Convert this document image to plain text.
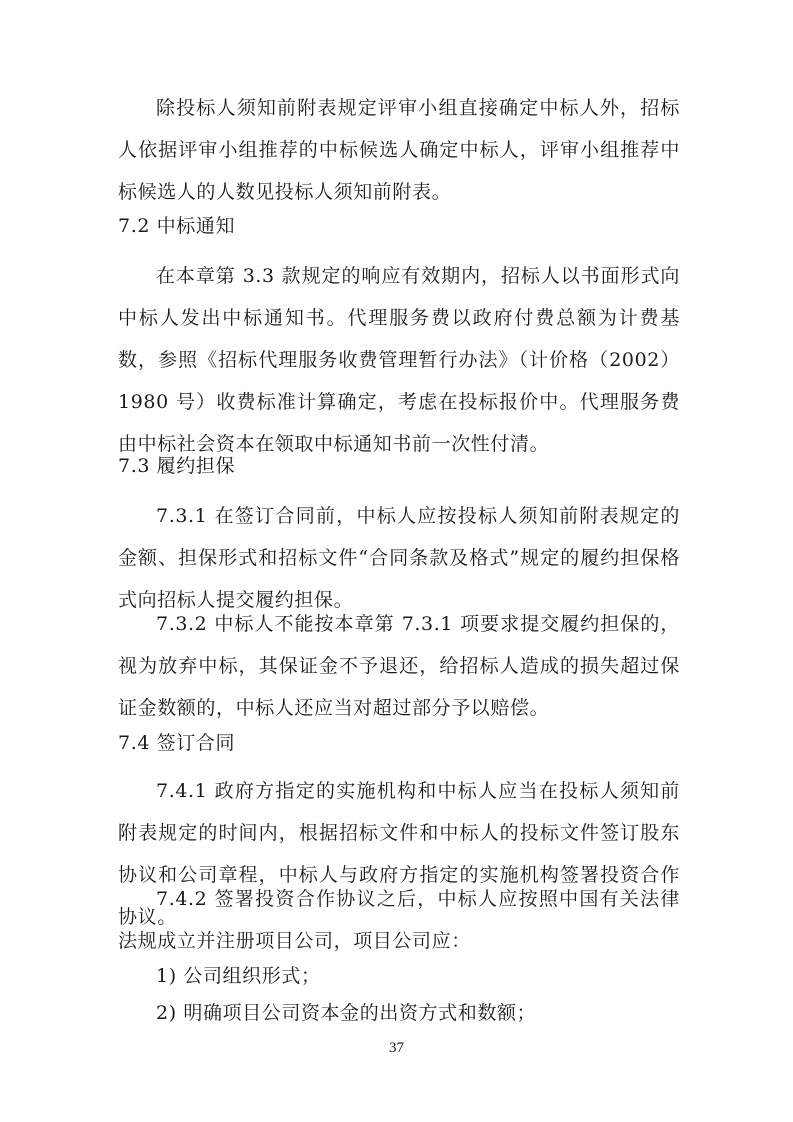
除投标人须知前附表规定评审小组直接确定中标人外，招标人依据评审小组推荐的中标候选人确定中标人，评审小组推荐中标候选人的人数见投标人须知前附表。

7.2 中标通知

在本章第 3.3 款规定的响应有效期内，招标人以书面形式向中标人发出中标通知书。代理服务费以政府付费总额为计费基数，参照《招标代理服务收费管理暂行办法》（计价格（2002）1980 号）收费标准计算确定，考虑在投标报价中。代理服务费由中标社会资本在领取中标通知书前一次性付清。

7.3 履约担保

7.3.1 在签订合同前，中标人应按投标人须知前附表规定的金额、担保形式和招标文件“合同条款及格式”规定的履约担保格式向招标人提交履约担保。

7.3.2 中标人不能按本章第 7.3.1 项要求提交履约担保的，视为放弃中标，其保证金不予退还，给招标人造成的损失超过保证金数额的，中标人还应当对超过部分予以赔偿。

7.4 签订合同

7.4.1 政府方指定的实施机构和中标人应当在投标人须知前附表规定的时间内，根据招标文件和中标人的投标文件签订股东协议和公司章程，中标人与政府方指定的实施机构签署投资合作协议。

7.4.2 签署投资合作协议之后，中标人应按照中国有关法律法规成立并注册项目公司，项目公司应：

1) 公司组织形式；

2) 明确项目公司资本金的出资方式和数额；

37
